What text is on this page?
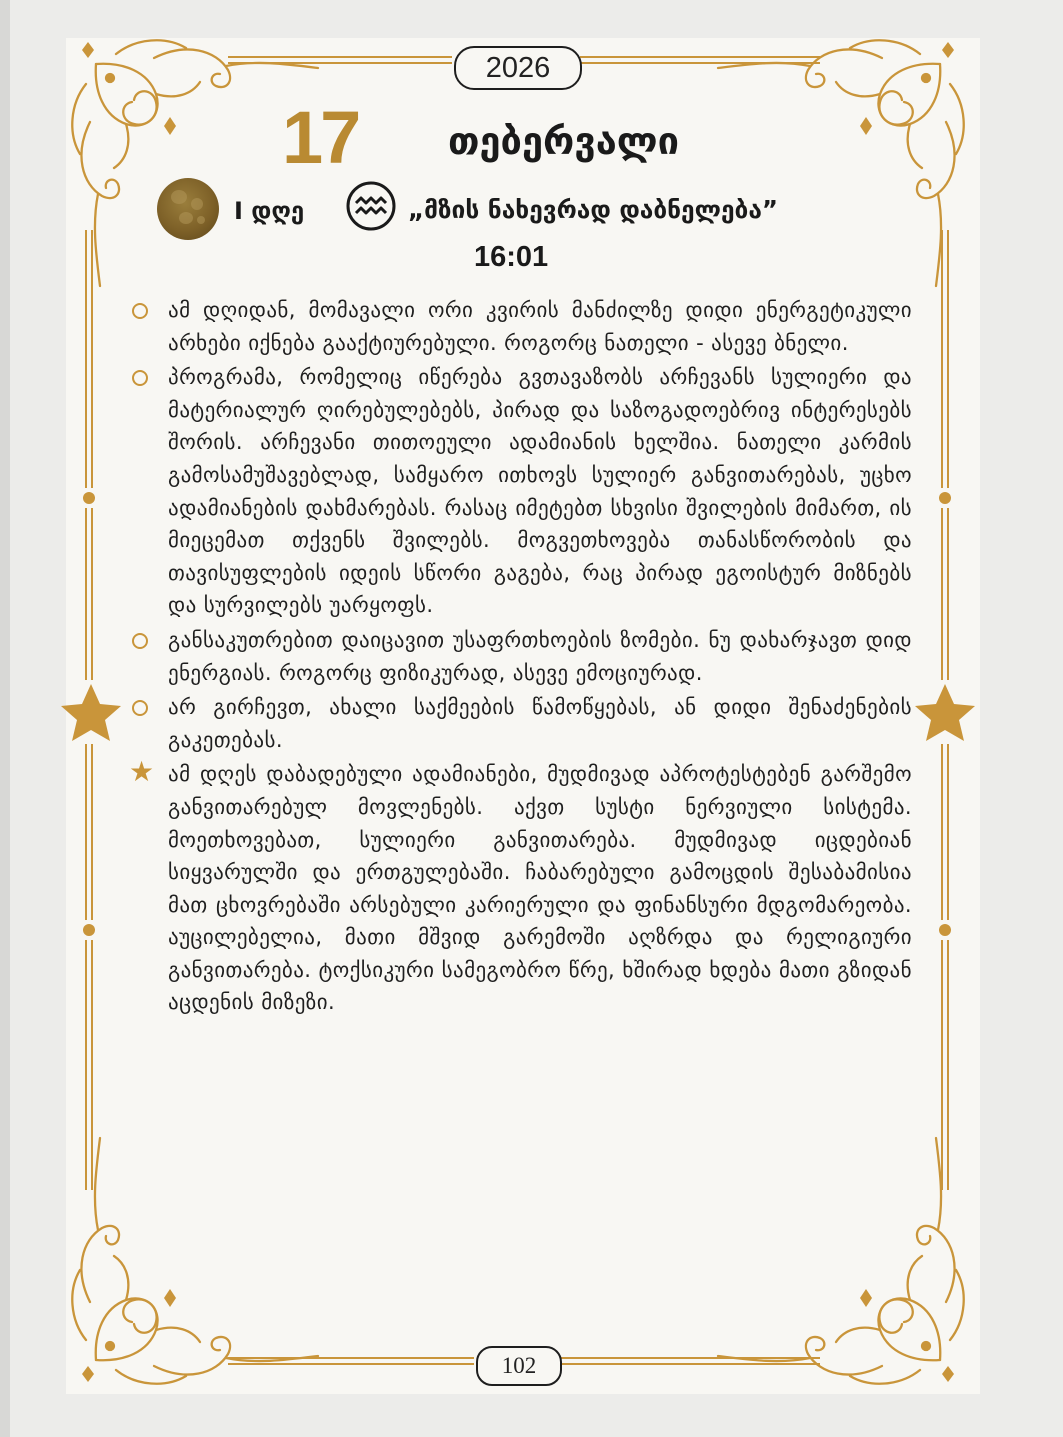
2026
17 თებერვალი
I დღე	„მზის ნახევრად დაბნელება”
16:01

ამ დღიდან, მომავალი ორი კვირის მანძილზე დიდი ენერგეტიკული არხები იქნება გააქტიურებული. როგორც ნათელი - ასევე ბნელი.

პროგრამა, რომელიც იწერება გვთავაზობს არჩევანს სულიერი და მატერიალურ ღირებულებებს, პირად და საზოგადოებრივ ინტერესებს შორის. არჩევანი თითოეული ადამიანის ხელშია. ნათელი კარმის გამოსამუშავებლად, სამყარო ითხოვს სულიერ განვითარებას, უცხო ადამიანების დახმარებას. რასაც იმეტებთ სხვისი შვილების მიმართ, ის მიეცემათ თქვენს შვილებს. მოგვეთხოვება თანასწორობის და თავისუფლების იდეის სწორი გაგება, რაც პირად ეგოისტურ მიზნებს და სურვილებს უარყოფს.

განსაკუთრებით დაიცავით უსაფრთხოების ზომები. ნუ დახარჯავთ დიდ ენერგიას. როგორც ფიზიკურად, ასევე ემოციურად.

არ გირჩევთ, ახალი საქმეების წამოწყებას, ან დიდი შენაძენების გაკეთებას.

★ ამ დღეს დაბადებული ადამიანები, მუდმივად აპროტესტებენ გარშემო განვითარებულ მოვლენებს. აქვთ სუსტი ნერვიული სისტემა. მოეთხოვებათ, სულიერი განვითარება. მუდმივად იცდებიან სიყვარულში და ერთგულებაში. ჩაბარებული გამოცდის შესაბამისია მათ ცხოვრებაში არსებული კარიერული და ფინანსური მდგომარეობა. აუცილებელია, მათი მშვიდ გარემოში აღზრდა და რელიგიური განვითარება. ტოქსიკური სამეგობრო წრე, ხშირად ხდება მათი გზიდან აცდენის მიზეზი.

102
